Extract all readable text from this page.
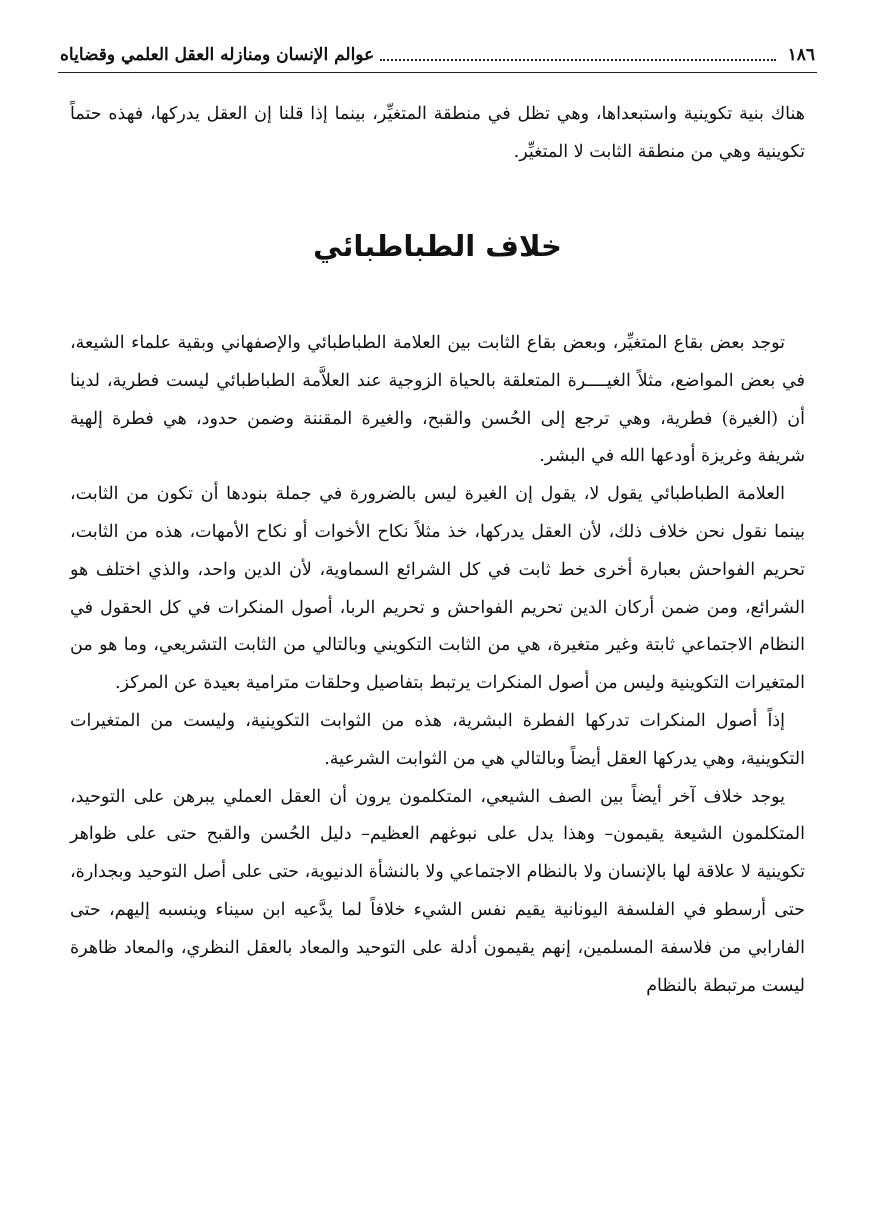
١٨٦
عوالم الإنسان ومنازله العقل العلمي وقضاياه

هناك بنية تكوينية واستبعداها، وهي تظل في منطقة المتغيِّر، بينما إذا قلنا إن العقل يدركها، فهذه حتماً تكوينية وهي من منطقة الثابت لا المتغيِّر.

خلاف الطباطبائي

توجد بعض بقاع المتغيِّر، وبعض بقاع الثابت بين العلامة الطباطبائي والإصفهاني وبقية علماء الشيعة، في بعض المواضع، مثلاً الغيــــرة المتعلقة بالحياة الزوجية عند العلاَّمة الطباطبائي ليست فطرية، لدينا أن (الغيرة) فطرية، وهي ترجع إلى الحُسن والقبح، والغيرة المقننة وضمن حدود، هي فطرة إلهية شريفة وغريزة أودعها الله في البشر.

العلامة الطباطبائي يقول لا، يقول إن الغيرة ليس بالضرورة في جملة بنودها أن تكون من الثابت، بينما نقول نحن خلاف ذلك، لأن العقل يدركها، خذ مثلاً نكاح الأخوات أو نكاح الأمهات، هذه من الثابت، تحريم الفواحش بعبارة أخرى خط ثابت في كل الشرائع السماوية، لأن الدين واحد، والذي اختلف هو الشرائع، ومن ضمن أركان الدين تحريم الفواحش و تحريم الربا، أصول المنكرات في كل الحقول في النظام الاجتماعي ثابتة وغير متغيرة، هي من الثابت التكويني وبالتالي من الثابت التشريعي، وما هو من المتغيرات التكوينية وليس من أصول المنكرات يرتبط بتفاصيل وحلقات مترامية بعيدة عن المركز.

إذاً أصول المنكرات تدركها الفطرة البشرية، هذه من الثوابت التكوينية، وليست من المتغيرات التكوينية، وهي يدركها العقل أيضاً وبالتالي هي من الثوابت الشرعية.

يوجد خلاف آخر أيضاً بين الصف الشيعي، المتكلمون يرون أن العقل العملي يبرهن على التوحيد، المتكلمون الشيعة يقيمون– وهذا يدل على نبوغهم العظيم– دليل الحُسن والقبح حتى على ظواهر تكوينية لا علاقة لها بالإنسان ولا بالنظام الاجتماعي ولا بالنشأة الدنيوية، حتى على أصل التوحيد وبجدارة، حتى أرسطو في الفلسفة اليونانية يقيم نفس الشيء خلافاً لما يدَّعيه ابن سيناء وينسبه إليهم، حتى الفارابي من فلاسفة المسلمين، إنهم يقيمون أدلة على التوحيد والمعاد بالعقل النظري، والمعاد ظاهرة ليست مرتبطة بالنظام
